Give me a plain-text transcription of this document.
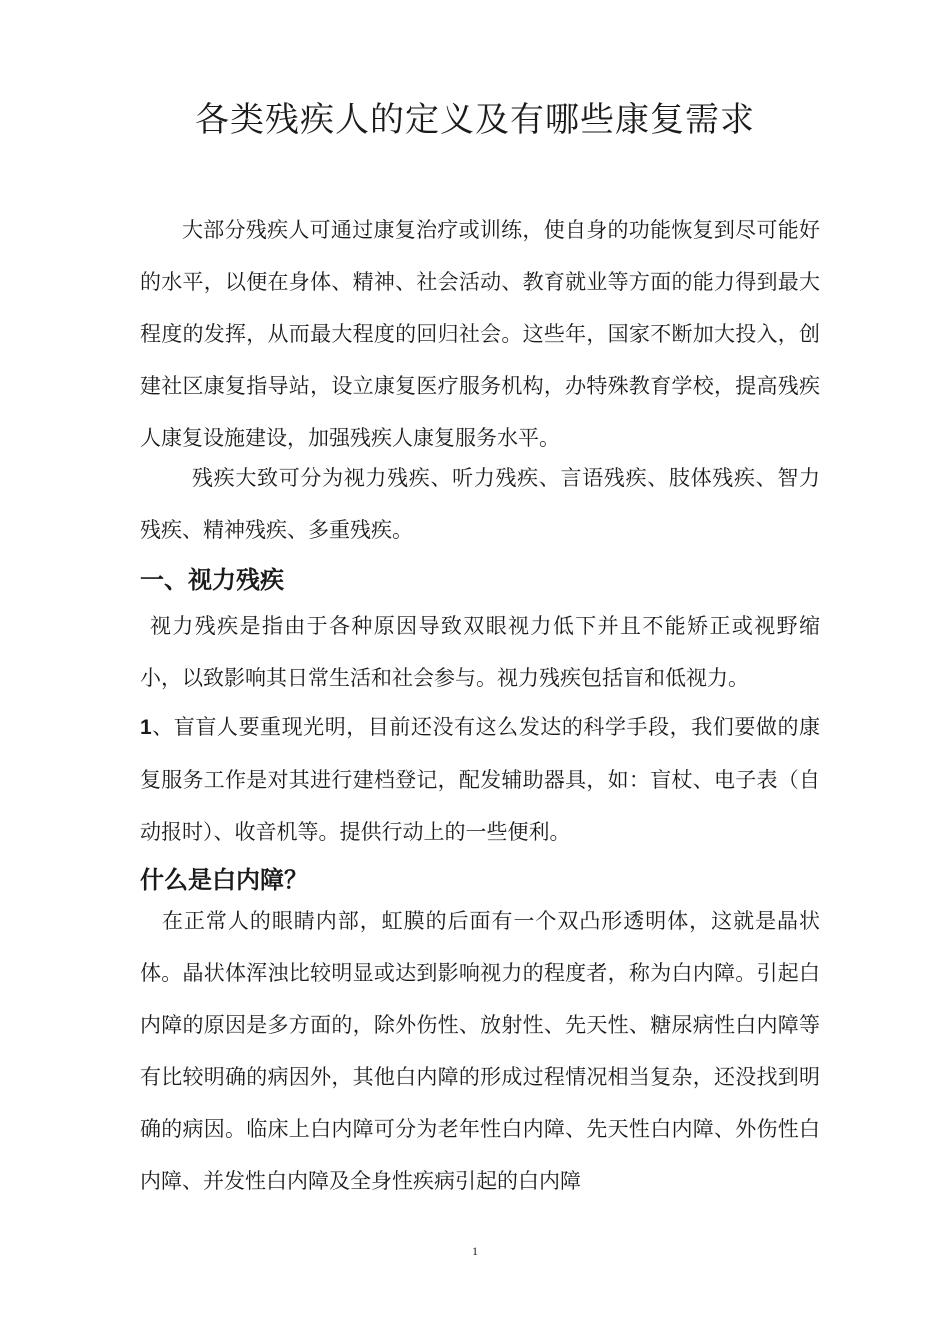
各类残疾人的定义及有哪些康复需求

大部分残疾人可通过康复治疗或训练，使自身的功能恢复到尽可能好的水平，以便在身体、精神、社会活动、教育就业等方面的能力得到最大程度的发挥，从而最大程度的回归社会。这些年，国家不断加大投入，创建社区康复指导站，设立康复医疗服务机构，办特殊教育学校，提高残疾人康复设施建设，加强残疾人康复服务水平。

残疾大致可分为视力残疾、听力残疾、言语残疾、肢体残疾、智力残疾、精神残疾、多重残疾。

一、视力残疾

视力残疾是指由于各种原因导致双眼视力低下并且不能矫正或视野缩小，以致影响其日常生活和社会参与。视力残疾包括盲和低视力。

1、盲盲人要重现光明，目前还没有这么发达的科学手段，我们要做的康复服务工作是对其进行建档登记，配发辅助器具，如：盲杖、电子表（自动报时）、收音机等。提供行动上的一些便利。

什么是白内障？

在正常人的眼睛内部，虹膜的后面有一个双凸形透明体，这就是晶状体。晶状体浑浊比较明显或达到影响视力的程度者，称为白内障。引起白内障的原因是多方面的，除外伤性、放射性、先天性、糖尿病性白内障等有比较明确的病因外，其他白内障的形成过程情况相当复杂，还没找到明确的病因。临床上白内障可分为老年性白内障、先天性白内障、外伤性白内障、并发性白内障及全身性疾病引起的白内障

1
